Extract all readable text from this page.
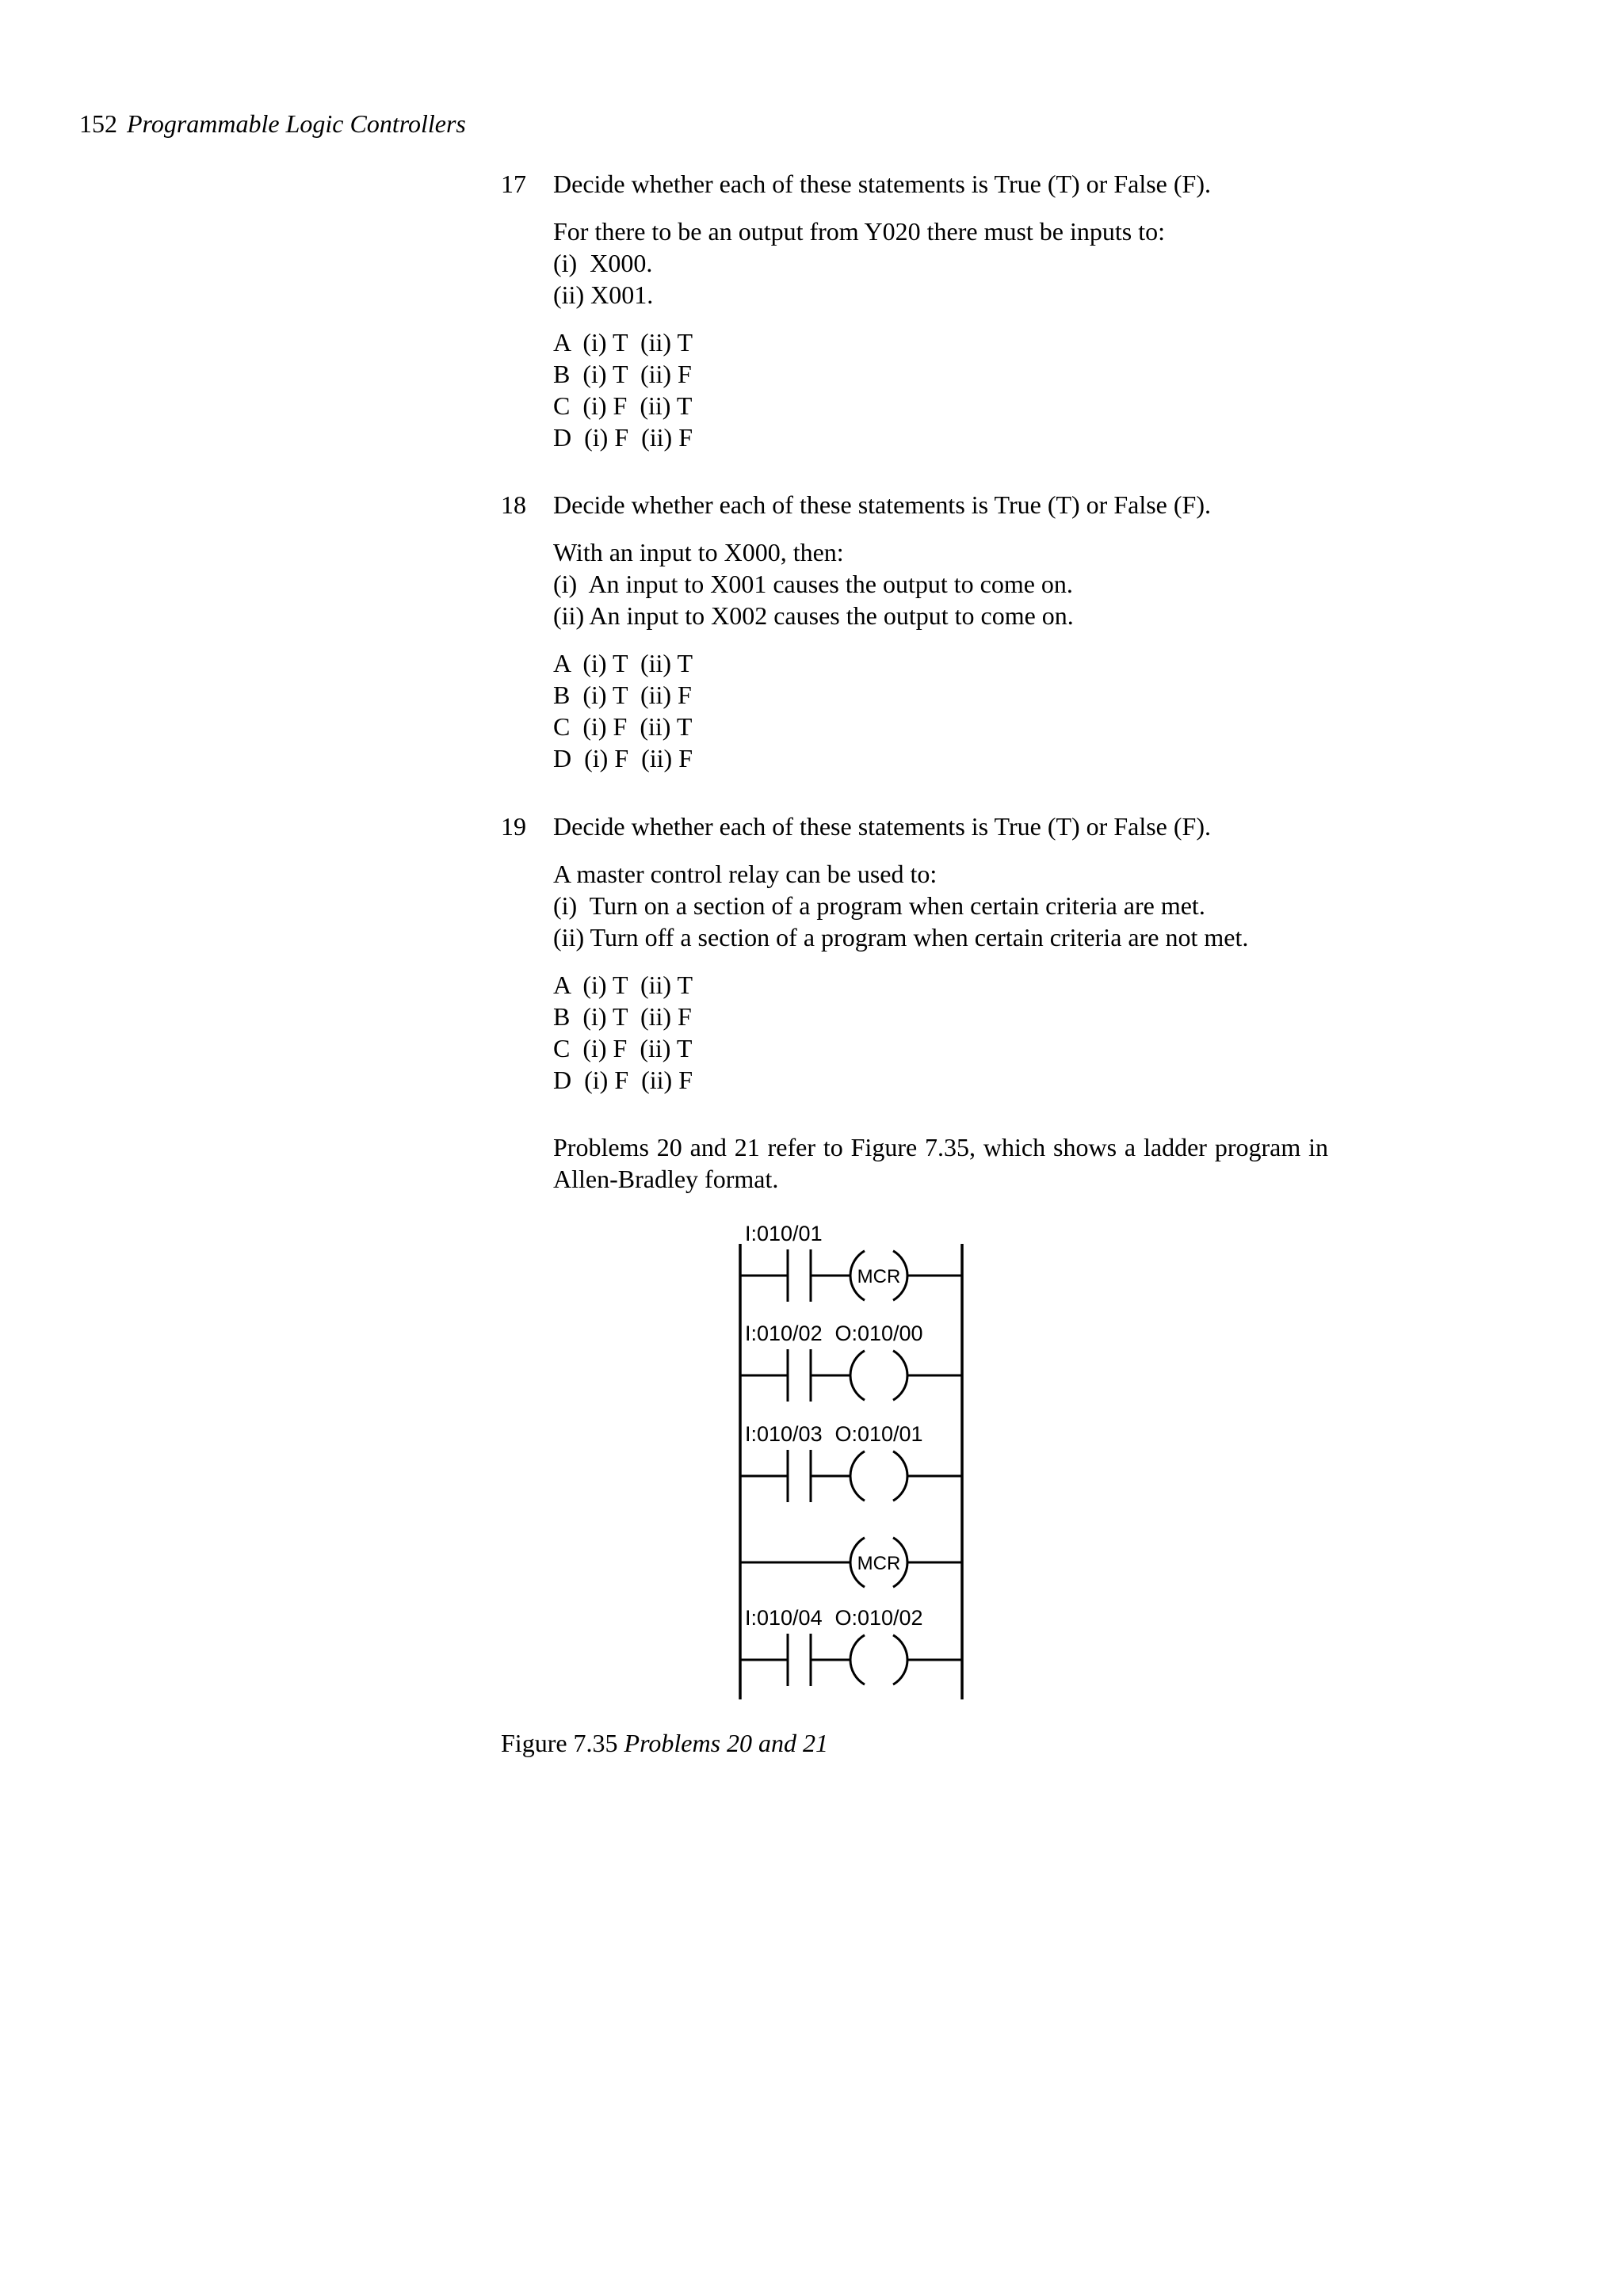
152 Programmable Logic Controllers
17 Decide whether each of these statements is True (T) or False (F).
For there to be an output from Y020 there must be inputs to:
(i)  X000.
(ii) X001.
A  (i) T  (ii) T
B  (i) T  (ii) F
C  (i) F  (ii) T
D  (i) F  (ii) F
18 Decide whether each of these statements is True (T) or False (F).
With an input to X000, then:
(i)  An input to X001 causes the output to come on.
(ii) An input to X002 causes the output to come on.
A  (i) T  (ii) T
B  (i) T  (ii) F
C  (i) F  (ii) T
D  (i) F  (ii) F
19 Decide whether each of these statements is True (T) or False (F).
A master control relay can be used to:
(i)  Turn on a section of a program when certain criteria are met.
(ii) Turn off a section of a program when certain criteria are not met.
A  (i) T  (ii) T
B  (i) T  (ii) F
C  (i) F  (ii) T
D  (i) F  (ii) F
Problems 20 and 21 refer to Figure 7.35, which shows a ladder program in Allen-Bradley format.
I:010/01
MCR
I:010/02 O:010/00
I:010/03 O:010/01
MCR
I:010/04 O:010/02
Figure 7.35 Problems 20 and 21
